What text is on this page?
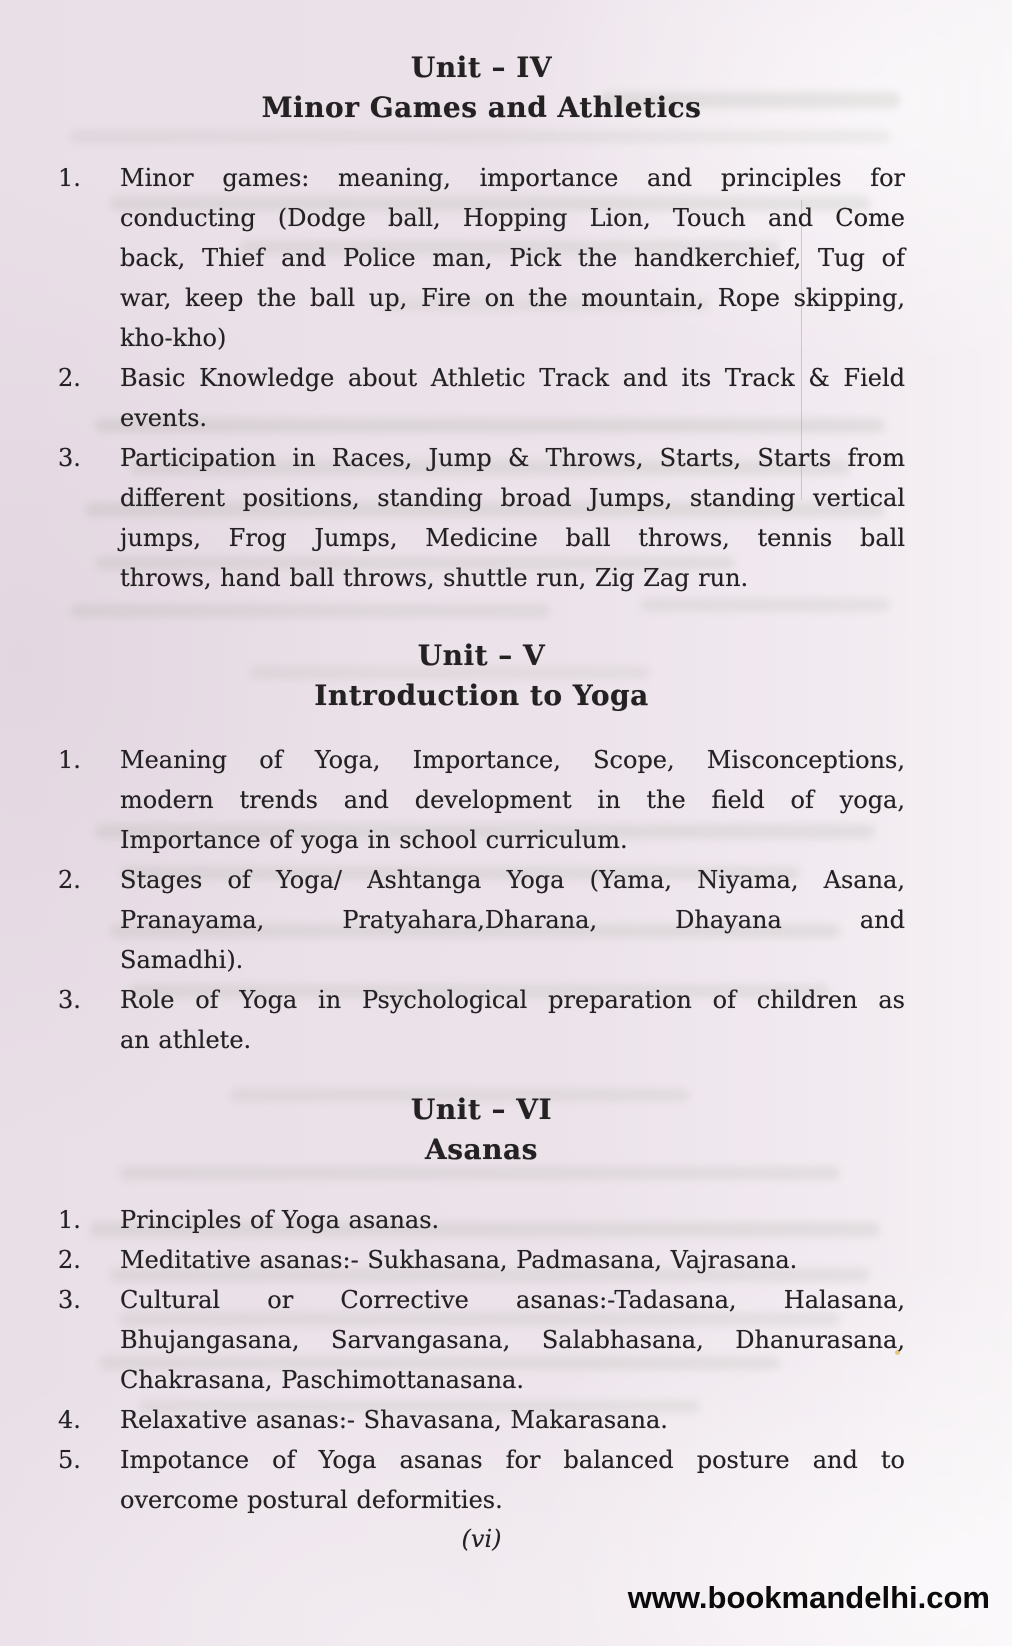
Unit – IV
Minor Games and Athletics
1.	Minor games: meaning, importance and principles for
conducting (Dodge ball, Hopping Lion, Touch and Come
back, Thief and Police man, Pick the handkerchief, Tug of
war, keep the ball up, Fire on the mountain, Rope skipping,
kho-kho)
2.	Basic Knowledge about Athletic Track and its Track & Field
events.
3.	Participation in Races, Jump & Throws, Starts, Starts from
different positions, standing broad Jumps, standing vertical
jumps, Frog Jumps, Medicine ball throws, tennis ball
throws, hand ball throws, shuttle run, Zig Zag run.
Unit – V
Introduction to Yoga
1.	Meaning of Yoga, Importance, Scope, Misconceptions,
modern trends and development in the field of yoga,
Importance of yoga in school curriculum.
2.	Stages of Yoga/ Ashtanga Yoga (Yama, Niyama, Asana,
Pranayama, Pratyahara,Dharana, Dhayana and
Samadhi).
3.	Role of Yoga in Psychological preparation of children as
an athlete.
Unit – VI
Asanas
1.	Principles of Yoga asanas.
2.	Meditative asanas:- Sukhasana, Padmasana, Vajrasana.
3.	Cultural or Corrective asanas:-Tadasana, Halasana,
Bhujangasana, Sarvangasana, Salabhasana, Dhanurasana,
Chakrasana, Paschimottanasana.
4.	Relaxative asanas:- Shavasana, Makarasana.
5.	Impotance of Yoga asanas for balanced posture and to
overcome postural deformities.
(vi)
www.bookmandelhi.com
